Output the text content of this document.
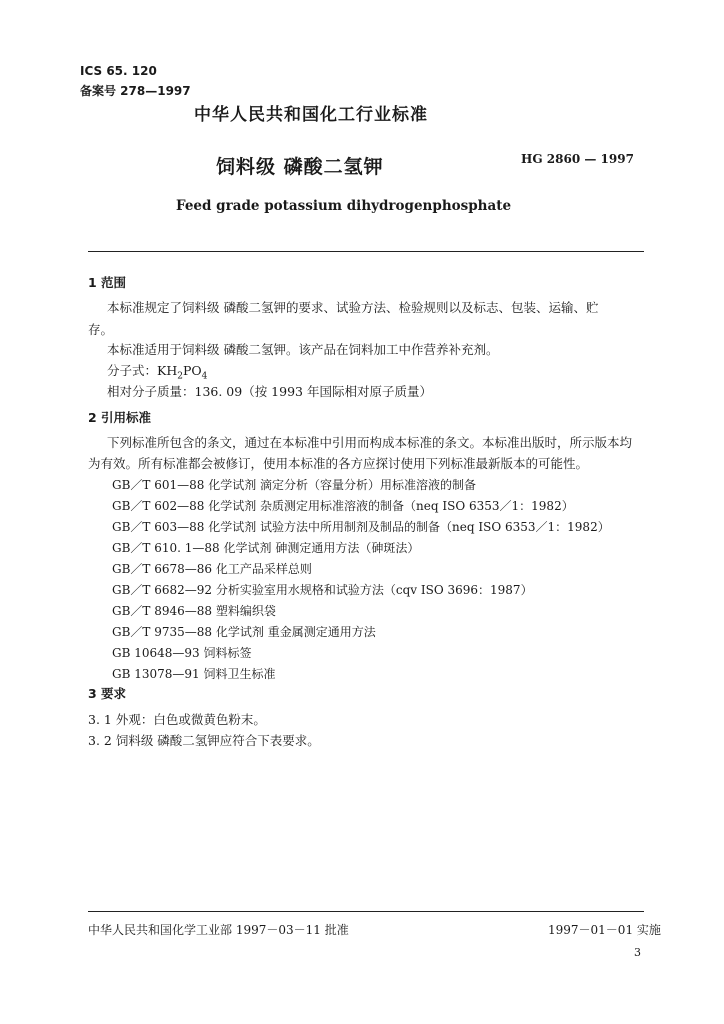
ICS 65. 120
备案号 278—1997
中华人民共和国化工行业标准
饲料级 磷酸二氢钾	HG 2860 — 1997
Feed grade potassium dihydrogenphosphate
1 范围
本标准规定了饲料级 磷酸二氢钾的要求、试验方法、检验规则以及标志、包装、运输、贮
存。
本标准适用于饲料级 磷酸二氢钾。该产品在饲料加工中作营养补充剂。
分子式：$KH_2PO_4$
相对分子质量：136. 09（按 1993 年国际相对原子质量）
2 引用标准
下列标准所包含的条文，通过在本标准中引用而构成本标准的条文。本标准出版时，所示版本均
为有效。所有标准都会被修订，使用本标准的各方应探讨使用下列标准最新版本的可能性。
GB／T 601—88 化学试剂 滴定分析（容量分析）用标准溶液的制备
GB／T 602—88 化学试剂 杂质测定用标准溶液的制备（neq ISO 6353／1：1982）
GB／T 603—88 化学试剂 试验方法中所用制剂及制品的制备（neq ISO 6353／1：1982）
GB／T 610. 1—88 化学试剂 砷测定通用方法（砷斑法）
GB／T 6678—86 化工产品采样总则
GB／T 6682—92 分析实验室用水规格和试验方法（cqv ISO 3696：1987）
GB／T 8946—88 塑料编织袋
GB／T 9735—88 化学试剂 重金属测定通用方法
GB 10648—93 饲料标签
GB 13078—91 饲料卫生标准
3 要求
3. 1 外观：白色或微黄色粉末。
3. 2 饲料级 磷酸二氢钾应符合下表要求。
中华人民共和国化学工业部 1997－03－11 批准	1997－01－01 实施
3
